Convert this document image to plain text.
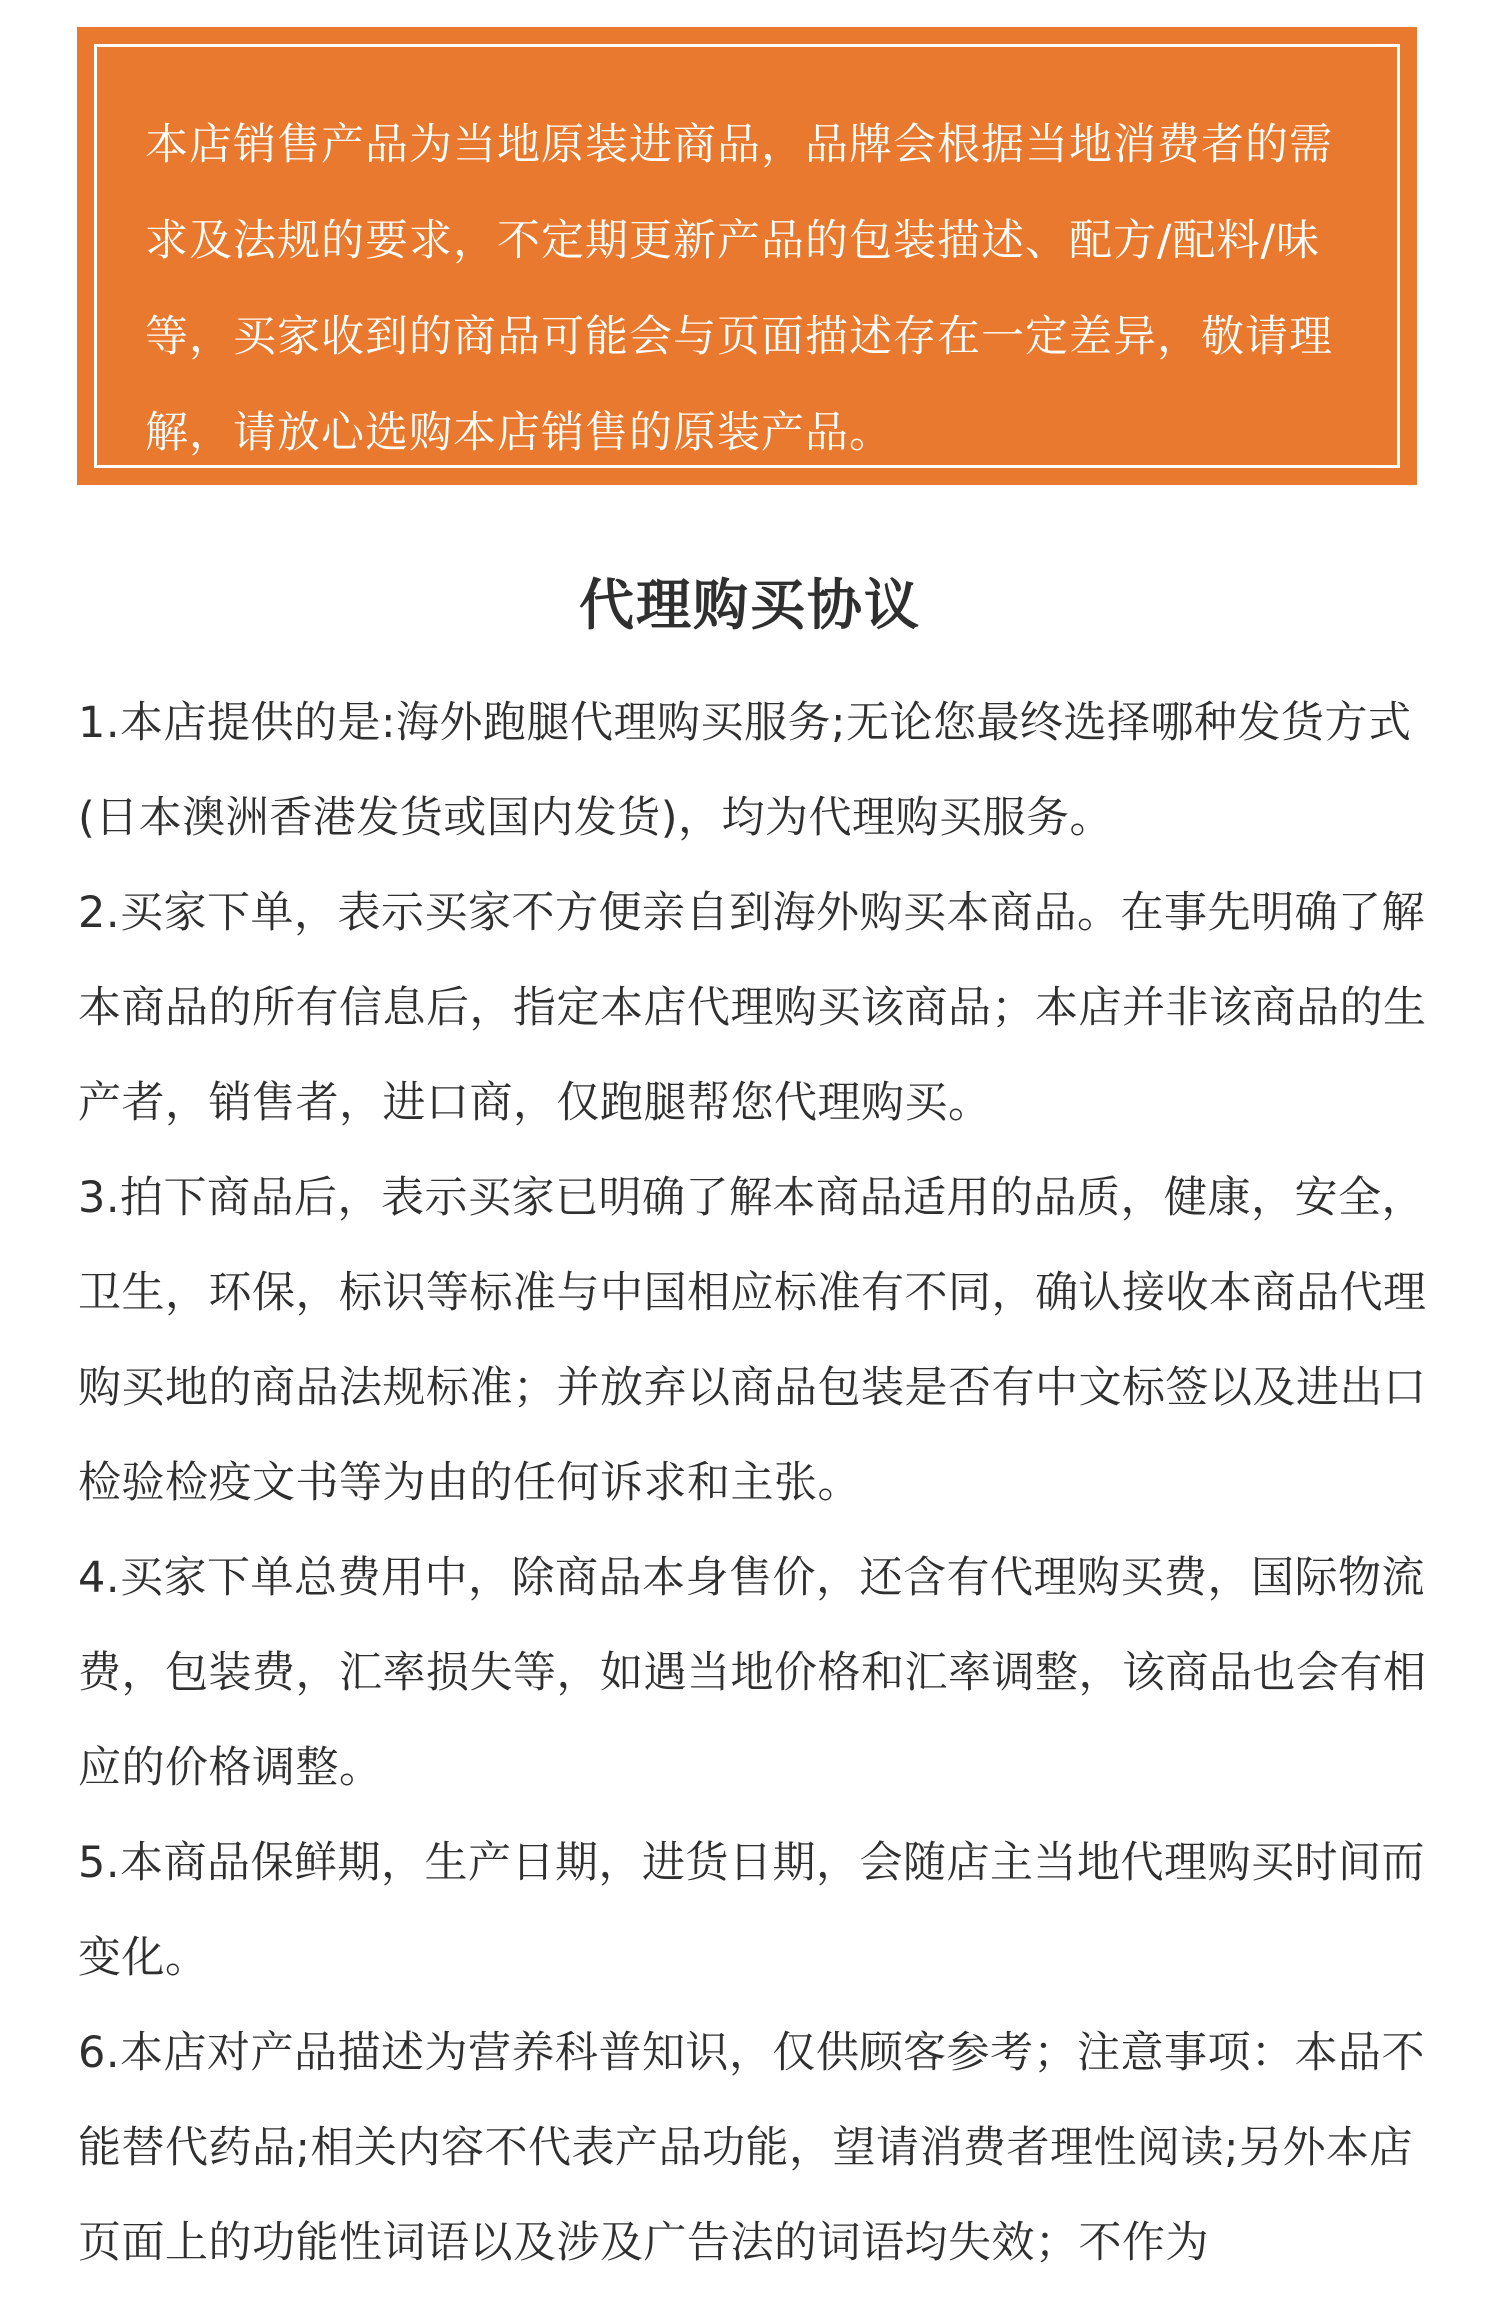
本店销售产品为当地原装进商品，品牌会根据当地消费者的需求及法规的要求，不定期更新产品的包装描述、配方/配料/味等，买家收到的商品可能会与页面描述存在一定差异，敬请理解，请放心选购本店销售的原装产品。

代理购买协议
1.本店提供的是:海外跑腿代理购买服务;无论您最终选择哪种发货方式(日本澳洲香港发货或国内发货)，均为代理购买服务。
2.买家下单，表示买家不方便亲自到海外购买本商品。在事先明确了解本商品的所有信息后，指定本店代理购买该商品；本店并非该商品的生产者，销售者，进口商，仅跑腿帮您代理购买。
3.拍下商品后，表示买家已明确了解本商品适用的品质，健康，安全，卫生，环保，标识等标准与中国相应标准有不同，确认接收本商品代理购买地的商品法规标准；并放弃以商品包装是否有中文标签以及进出口检验检疫文书等为由的任何诉求和主张。
4.买家下单总费用中，除商品本身售价，还含有代理购买费，国际物流费，包装费，汇率损失等，如遇当地价格和汇率调整，该商品也会有相应的价格调整。
5.本商品保鲜期，生产日期，进货日期，会随店主当地代理购买时间而变化。
6.本店对产品描述为营养科普知识，仅供顾客参考；注意事项：本品不能替代药品;相关内容不代表产品功能，望请消费者理性阅读;另外本店页面上的功能性词语以及涉及广告法的词语均失效；不作为
